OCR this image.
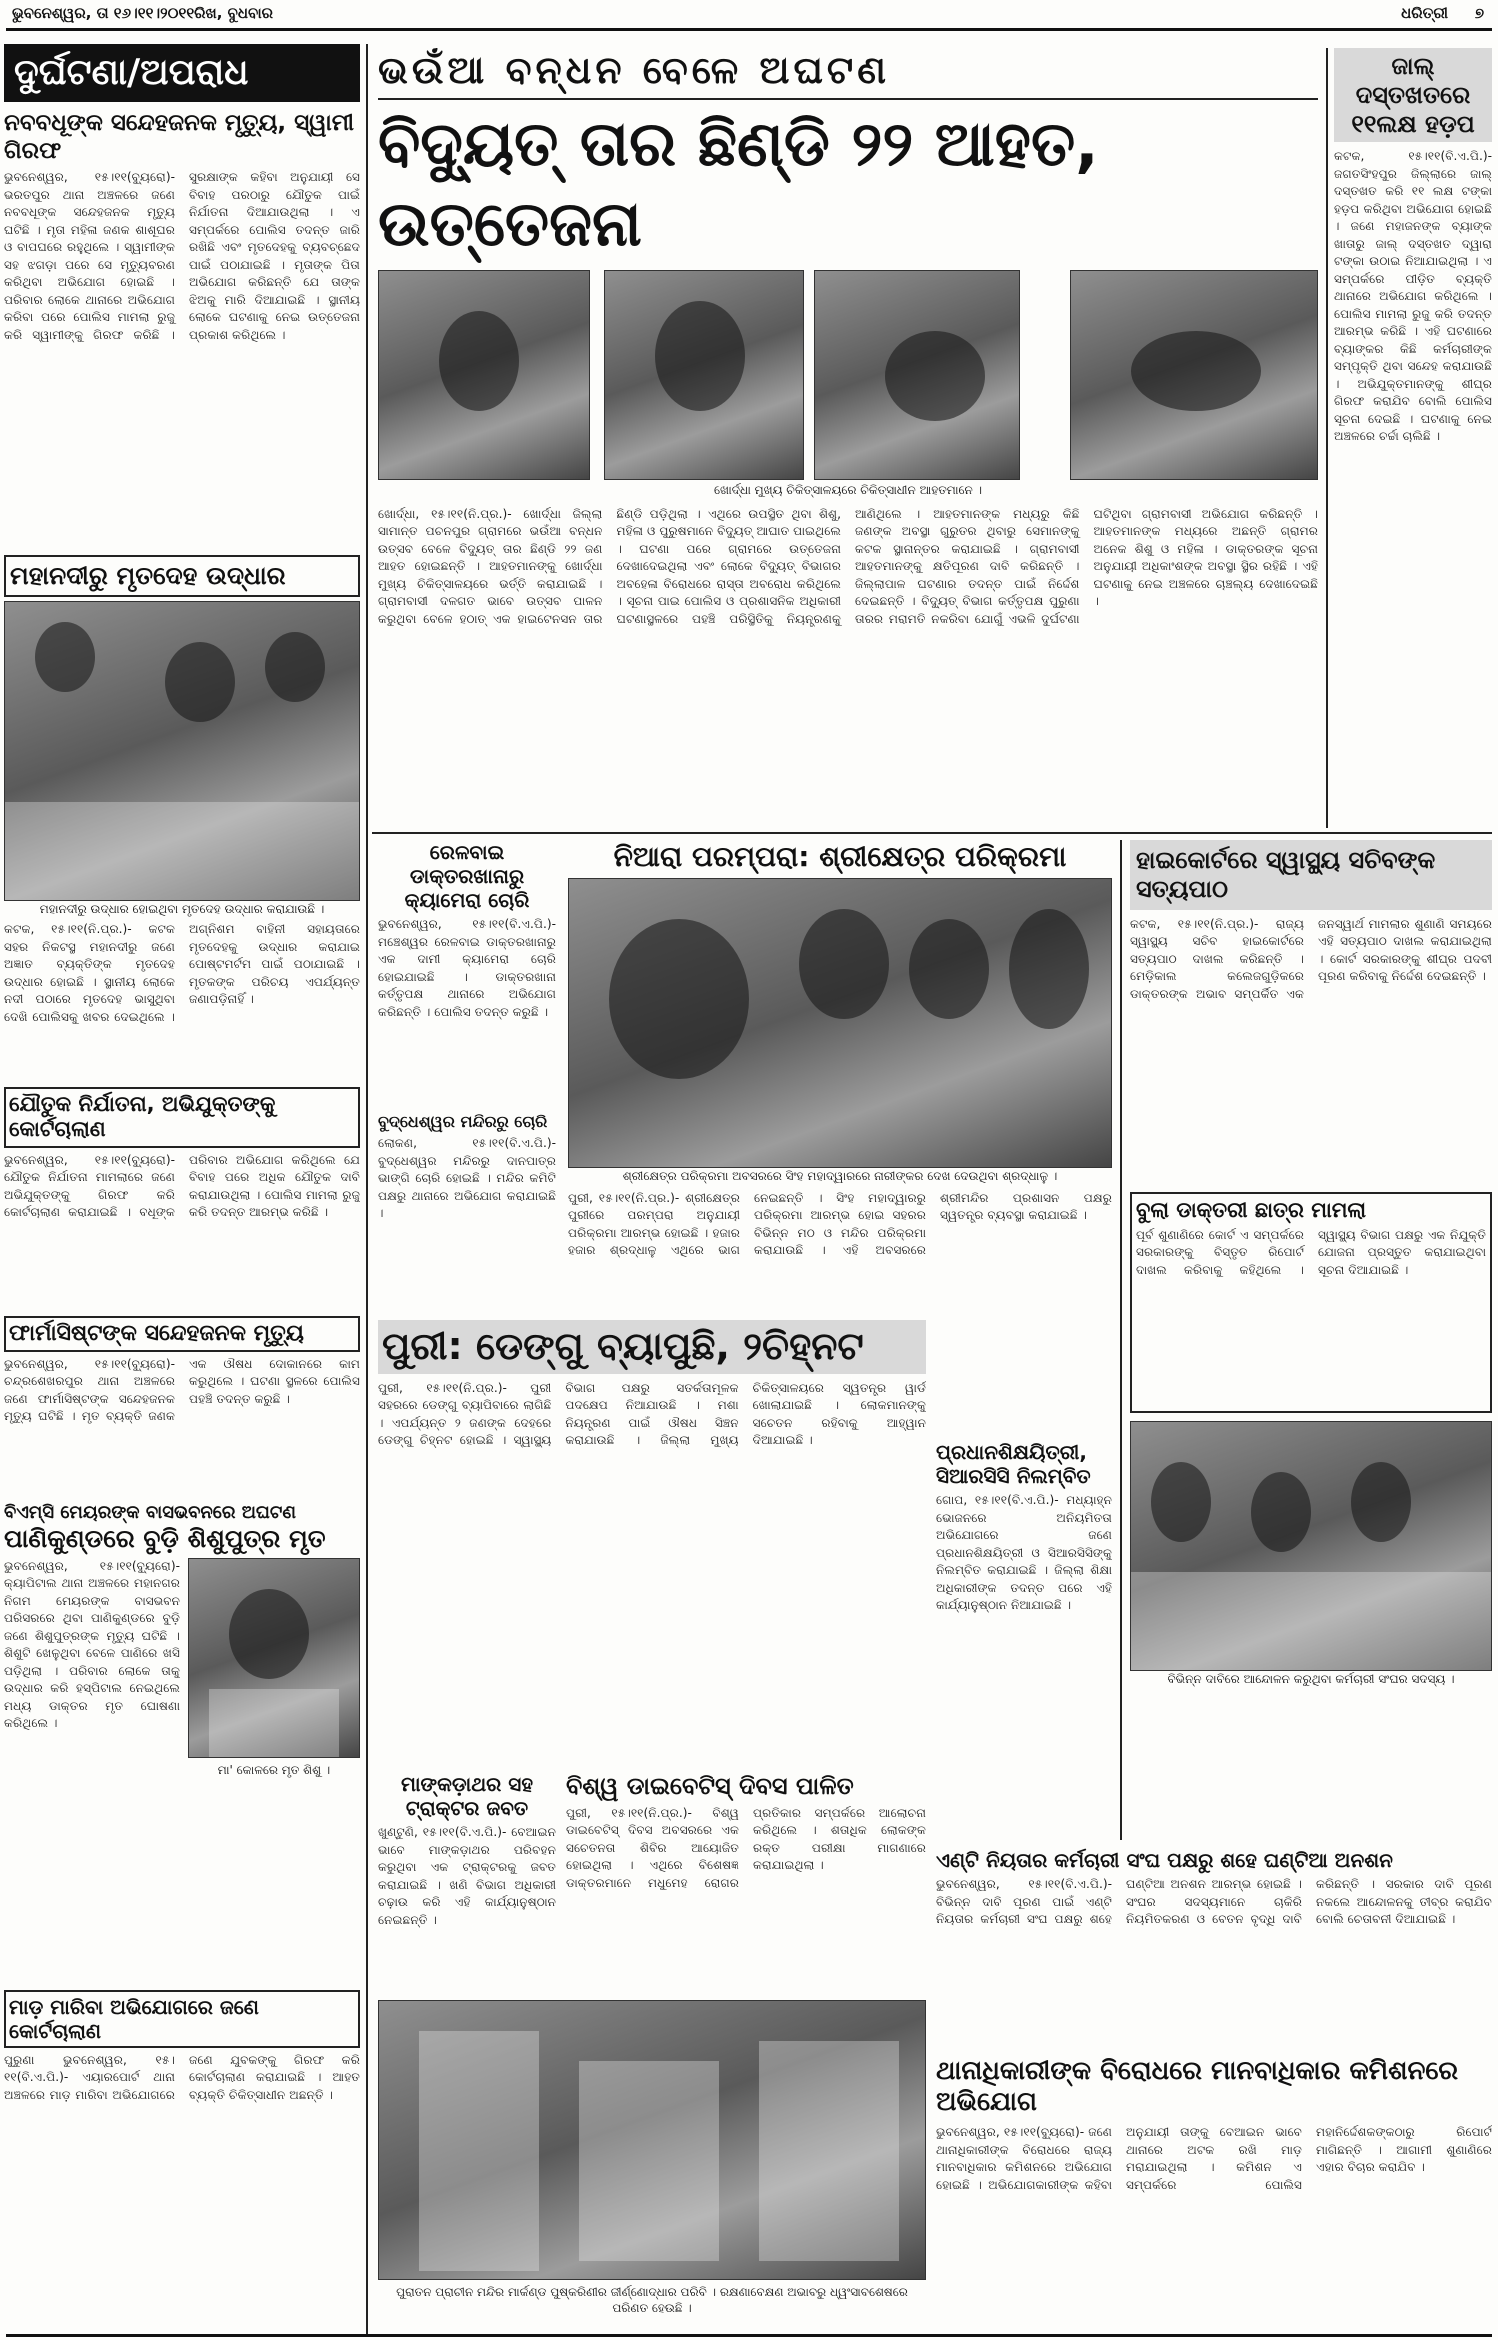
ଭୁବନେଶ୍ୱର, ତା ୧୬।୧୧।୨୦୧୧ରିଖ, ବୁଧବାର	ଧରିତ୍ରୀ ୭
ଦୁର୍ଘଟଣା/ଅପରାଧ
ନବବଧୂଙ୍କ ସନ୍ଦେହଜନକ ମୃତ୍ୟୁ, ସ୍ୱାମୀ ଗିରଫ
ଭୁବନେଶ୍ୱର, ୧୫।୧୧(ବ୍ୟୁରୋ)- ଭରତପୁର ଥାନା ଅଞ୍ଚଳରେ ଜଣେ ନବବଧୂଙ୍କ ସନ୍ଦେହଜନକ ମୃତ୍ୟୁ ଘଟିଛି । ମୃତା ମହିଳା ଜଣକ ଶାଶୂଘର ଓ ବାପଘରେ ରହୁଥିଲେ । ସ୍ୱାମୀଙ୍କ ସହ ଝଗଡ଼ା ପରେ ସେ ମୃତ୍ୟୁବରଣ କରିଥିବା ଅଭିଯୋଗ ହୋଇଛି । ପରିବାର ଲୋକେ ଥାନାରେ ଅଭିଯୋଗ କରିବା ପରେ ପୋଲିସ ମାମଲା ରୁଜୁ କରି ସ୍ୱାମୀଙ୍କୁ ଗିରଫ କରିଛି । ସୁରକ୍ଷାଙ୍କ କହିବା ଅନୁଯାୟୀ ସେ ବିବାହ ପରଠାରୁ ଯୌତୁକ ପାଇଁ ନିର୍ଯାତନା ଦିଆଯାଉଥିଲା । ଏ ସମ୍ପର୍କରେ ପୋଲିସ ତଦନ୍ତ ଜାରି ରଖିଛି ଏବଂ ମୃତଦେହକୁ ବ୍ୟବଚ୍ଛେଦ ପାଇଁ ପଠାଯାଇଛି । ମୃତାଙ୍କ ପିତା ଅଭିଯୋଗ କରିଛନ୍ତି ଯେ ତାଙ୍କ ଝିଅକୁ ମାରି ଦିଆଯାଇଛି । ସ୍ଥାନୀୟ ଲୋକେ ଘଟଣାକୁ ନେଇ ଉତ୍ତେଜନା ପ୍ରକାଶ କରିଥିଲେ ।
ମହାନଦୀରୁ ମୃତଦେହ ଉଦ୍ଧାର
ମହାନଦୀରୁ ଉଦ୍ଧାର ହୋଇଥିବା ମୃତଦେହ ଉଦ୍ଧାର କରାଯାଉଛି ।
କଟକ, ୧୫।୧୧(ନି.ପ୍ର.)- କଟକ ସହର ନିକଟସ୍ଥ ମହାନଦୀରୁ ଜଣେ ଅଜ୍ଞାତ ବ୍ୟକ୍ତିଙ୍କ ମୃତଦେହ ଉଦ୍ଧାର ହୋଇଛି । ସ୍ଥାନୀୟ ଲୋକେ ନଦୀ ପଠାରେ ମୃତଦେହ ଭାସୁଥିବା ଦେଖି ପୋଲିସକୁ ଖବର ଦେଇଥିଲେ । ଅଗ୍ନିଶମ ବାହିନୀ ସହାୟତାରେ ମୃତଦେହକୁ ଉଦ୍ଧାର କରାଯାଇ ପୋଷ୍ଟମର୍ଟମ ପାଇଁ ପଠାଯାଇଛି । ମୃତକଙ୍କ ପରିଚୟ ଏପର୍ଯ୍ୟନ୍ତ ଜଣାପଡ଼ିନାହିଁ ।
ଯୌତୁକ ନିର୍ଯାତନା, ଅଭିଯୁକ୍ତଙ୍କୁ କୋର୍ଟଚାଲାଣ
ଭୁବନେଶ୍ୱର, ୧୫।୧୧(ବ୍ୟୁରୋ)- ଯୌତୁକ ନିର୍ଯାତନା ମାମଲାରେ ଜଣେ ଅଭିଯୁକ୍ତଙ୍କୁ ଗିରଫ କରି କୋର୍ଟଚାଲାଣ କରାଯାଇଛି । ବଧୂଙ୍କ ପରିବାର ଅଭିଯୋଗ କରିଥିଲେ ଯେ ବିବାହ ପରେ ଅଧିକ ଯୌତୁକ ଦାବି କରାଯାଉଥିଲା । ପୋଲିସ ମାମଲା ରୁଜୁ କରି ତଦନ୍ତ ଆରମ୍ଭ କରିଛି ।
ଫାର୍ମାସିଷ୍ଟଙ୍କ ସନ୍ଦେହଜନକ ମୃତ୍ୟୁ
ଭୁବନେଶ୍ୱର, ୧୫।୧୧(ବ୍ୟୁରୋ)- ଚନ୍ଦ୍ରଶେଖରପୁର ଥାନା ଅଞ୍ଚଳରେ ଜଣେ ଫାର୍ମାସିଷ୍ଟଙ୍କ ସନ୍ଦେହଜନକ ମୃତ୍ୟୁ ଘଟିଛି । ମୃତ ବ୍ୟକ୍ତି ଜଣକ ଏକ ଔଷଧ ଦୋକାନରେ କାମ କରୁଥିଲେ । ଘଟଣା ସ୍ଥଳରେ ପୋଲିସ ପହଞ୍ଚି ତଦନ୍ତ କରୁଛି ।
ବିଏମ୍‌ସି ମେୟରଙ୍କ ବାସଭବନରେ ଅଘଟଣ
ପାଣିକୁଣ୍ଡରେ ବୁଡ଼ି ଶିଶୁପୁତ୍ର ମୃତ
ଭୁବନେଶ୍ୱର, ୧୫।୧୧(ବ୍ୟୁରୋ)- କ୍ୟାପିଟାଲ ଥାନା ଅଞ୍ଚଳରେ ମହାନଗର ନିଗମ ମେୟରଙ୍କ ବାସଭବନ ପରିସରରେ ଥିବା ପାଣିକୁଣ୍ଡରେ ବୁଡ଼ି ଜଣେ ଶିଶୁପୁତ୍ରଙ୍କ ମୃତ୍ୟୁ ଘଟିଛି । ଶିଶୁଟି ଖେଳୁଥିବା ବେଳେ ପାଣିରେ ଖସି ପଡ଼ିଥିଲା । ପରିବାର ଲୋକେ ତାକୁ ଉଦ୍ଧାର କରି ହସ୍ପିଟାଲ ନେଇଥିଲେ ମଧ୍ୟ ଡାକ୍ତର ମୃତ ଘୋଷଣା କରିଥିଲେ ।
ମା' କୋଳରେ ମୃତ ଶିଶୁ ।
ମାଡ଼ ମାରିବା ଅଭିଯୋଗରେ ଜଣେ କୋର୍ଟଚାଲାଣ
ପୁରୁଣା ଭୁବନେଶ୍ୱର, ୧୫।୧୧(ବି.ଏ.ପି.)- ଏୟାରପୋର୍ଟ ଥାନା ଅଞ୍ଚଳରେ ମାଡ଼ ମାରିବା ଅଭିଯୋଗରେ ଜଣେ ଯୁବକଙ୍କୁ ଗିରଫ କରି କୋର୍ଟଚାଲାଣ କରାଯାଇଛି । ଆହତ ବ୍ୟକ୍ତି ଚିକିତ୍ସାଧୀନ ଅଛନ୍ତି ।
ଭଉଁଆ ବନ୍ଧନ ବେଳେ ଅଘଟଣ
ବିଦ୍ୟୁତ୍ ତାର ଛିଣ୍ଡି ୨୨ ଆହତ, ଉତ୍ତେଜନା
ଖୋର୍ଦ୍ଧା ମୁଖ୍ୟ ଚିକିତ୍ସାଳୟରେ ଚିକିତ୍ସାଧୀନ ଆହତମାନେ ।
ଖୋର୍ଦ୍ଧା, ୧୫।୧୧(ନି.ପ୍ର.)- ଖୋର୍ଦ୍ଧା ଜିଲ୍ଲା ସାମାନ୍ତ ପଚନପୁର ଗ୍ରାମରେ ଭଉଁଆ ବନ୍ଧନ ଉତ୍ସବ ବେଳେ ବିଦ୍ୟୁତ୍ ତାର ଛିଣ୍ଡି ୨୨ ଜଣ ଆହତ ହୋଇଛନ୍ତି । ଆହତମାନଙ୍କୁ ଖୋର୍ଦ୍ଧା ମୁଖ୍ୟ ଚିକିତ୍ସାଳୟରେ ଭର୍ତ୍ତି କରାଯାଇଛି । ଗ୍ରାମବାସୀ ଦଳଗତ ଭାବେ ଉତ୍ସବ ପାଳନ କରୁଥିବା ବେଳେ ହଠାତ୍ ଏକ ହାଇଟେନସନ ତାର ଛିଣ୍ଡି ପଡ଼ିଥିଲା । ଏଥିରେ ଉପସ୍ଥିତ ଥିବା ଶିଶୁ, ମହିଳା ଓ ପୁରୁଷମାନେ ବିଦ୍ୟୁତ୍ ଆଘାତ ପାଇଥିଲେ । ଘଟଣା ପରେ ଗ୍ରାମରେ ଉତ୍ତେଜନା ଦେଖାଦେଇଥିଲା ଏବଂ ଲୋକେ ବିଦ୍ୟୁତ୍ ବିଭାଗର ଅବହେଳା ବିରୋଧରେ ରାସ୍ତା ଅବରୋଧ କରିଥିଲେ । ସୂଚନା ପାଇ ପୋଲିସ ଓ ପ୍ରଶାସନିକ ଅଧିକାରୀ ଘଟଣାସ୍ଥଳରେ ପହଞ୍ଚି ପରିସ୍ଥିତିକୁ ନିୟନ୍ତ୍ରଣକୁ ଆଣିଥିଲେ । ଆହତମାନଙ୍କ ମଧ୍ୟରୁ କିଛି ଜଣଙ୍କ ଅବସ୍ଥା ଗୁରୁତର ଥିବାରୁ ସେମାନଙ୍କୁ କଟକ ସ୍ଥାନାନ୍ତର କରାଯାଇଛି । ଗ୍ରାମବାସୀ ଆହତମାନଙ୍କୁ କ୍ଷତିପୂରଣ ଦାବି କରିଛନ୍ତି । ଜିଲ୍ଲାପାଳ ଘଟଣାର ତଦନ୍ତ ପାଇଁ ନିର୍ଦ୍ଦେଶ ଦେଇଛନ୍ତି । ବିଦ୍ୟୁତ୍ ବିଭାଗ କର୍ତ୍ତୃପକ୍ଷ ପୁରୁଣା ତାରର ମରାମତି ନକରିବା ଯୋଗୁଁ ଏଭଳି ଦୁର୍ଘଟଣା ଘଟିଥିବା ଗ୍ରାମବାସୀ ଅଭିଯୋଗ କରିଛନ୍ତି । ଆହତମାନଙ୍କ ମଧ୍ୟରେ ଅଛନ୍ତି ଗ୍ରାମର ଅନେକ ଶିଶୁ ଓ ମହିଳା । ଡାକ୍ତରଙ୍କ ସୂଚନା ଅନୁଯାୟୀ ଅଧିକାଂଶଙ୍କ ଅବସ୍ଥା ସ୍ଥିର ରହିଛି । ଏହି ଘଟଣାକୁ ନେଇ ଅଞ୍ଚଳରେ ଚାଞ୍ଚଲ୍ୟ ଦେଖାଦେଇଛି ।
ଜାଲ୍ ଦସ୍ତଖତରେ ୧୧ଲକ୍ଷ ହଡ଼ପ
କଟକ, ୧୫।୧୧(ବି.ଏ.ପି.)- ଜଗତସିଂହପୁର ଜିଲ୍ଲାରେ ଜାଲ୍ ଦସ୍ତଖତ କରି ୧୧ ଲକ୍ଷ ଟଙ୍କା ହଡ଼ପ କରିଥିବା ଅଭିଯୋଗ ହୋଇଛି । ଜଣେ ମହାଜନଙ୍କ ବ୍ୟାଙ୍କ ଖାତାରୁ ଜାଲ୍ ଦସ୍ତଖତ ଦ୍ୱାରା ଟଙ୍କା ଉଠାଇ ନିଆଯାଇଥିଲା । ଏ ସମ୍ପର୍କରେ ପୀଡ଼ିତ ବ୍ୟକ୍ତି ଥାନାରେ ଅଭିଯୋଗ କରିଥିଲେ । ପୋଲିସ ମାମଲା ରୁଜୁ କରି ତଦନ୍ତ ଆରମ୍ଭ କରିଛି । ଏହି ଘଟଣାରେ ବ୍ୟାଙ୍କର କିଛି କର୍ମଚାରୀଙ୍କ ସମ୍ପୃକ୍ତି ଥିବା ସନ୍ଦେହ କରାଯାଉଛି । ଅଭିଯୁକ୍ତମାନଙ୍କୁ ଶୀଘ୍ର ଗିରଫ କରାଯିବ ବୋଲି ପୋଲିସ ସୂଚନା ଦେଇଛି । ଘଟଣାକୁ ନେଇ ଅଞ୍ଚଳରେ ଚର୍ଚ୍ଚା ଚାଲିଛି ।
ରେଳବାଇ ଡାକ୍ତରଖାନାରୁ କ୍ୟାମେରା ଚୋରି
ଭୁବନେଶ୍ୱର, ୧୫।୧୧(ବି.ଏ.ପି.)- ମଞ୍ଚେଶ୍ୱର ରେଳବାଇ ଡାକ୍ତରଖାନାରୁ ଏକ ଦାମୀ କ୍ୟାମେରା ଚୋରି ହୋଇଯାଇଛି । ଡାକ୍ତରଖାନା କର୍ତ୍ତୃପକ୍ଷ ଥାନାରେ ଅଭିଯୋଗ କରିଛନ୍ତି । ପୋଲିସ ତଦନ୍ତ କରୁଛି ।
ବୁଦ୍ଧେଶ୍ୱର ମନ୍ଦିରରୁ ଚୋରି
ଲୋକଣ, ୧୫।୧୧(ବି.ଏ.ପି.)- ବୁଦ୍ଧେଶ୍ୱର ମନ୍ଦିରରୁ ଦାନପାତ୍ର ଭାଙ୍ଗି ଚୋରି ହୋଇଛି । ମନ୍ଦିର କମିଟି ପକ୍ଷରୁ ଥାନାରେ ଅଭିଯୋଗ କରାଯାଇଛି ।
ନିଆରା ପରମ୍ପରା: ଶ୍ରୀକ୍ଷେତ୍ର ପରିକ୍ରମା
ଶ୍ରୀକ୍ଷେତ୍ର ପରିକ୍ରମା ଅବସରରେ ସିଂହ ମହାଦ୍ୱାରରେ ନାରୀଙ୍କର ଦେଖ ଦେଉଥିବା ଶ୍ରଦ୍ଧାଳୁ ।
ପୁରୀ, ୧୫।୧୧(ନି.ପ୍ର.)- ଶ୍ରୀକ୍ଷେତ୍ର ପୁରୀରେ ପରମ୍ପରା ଅନୁଯାୟୀ ପରିକ୍ରମା ଆରମ୍ଭ ହୋଇଛି । ହଜାର ହଜାର ଶ୍ରଦ୍ଧାଳୁ ଏଥିରେ ଭାଗ ନେଇଛନ୍ତି । ସିଂହ ମହାଦ୍ୱାରରୁ ପରିକ୍ରମା ଆରମ୍ଭ ହୋଇ ସହରର ବିଭିନ୍ନ ମଠ ଓ ମନ୍ଦିର ପରିକ୍ରମା କରାଯାଉଛି । ଏହି ଅବସରରେ ଶ୍ରୀମନ୍ଦିର ପ୍ରଶାସନ ପକ୍ଷରୁ ସ୍ୱତନ୍ତ୍ର ବ୍ୟବସ୍ଥା କରାଯାଇଛି ।
ହାଇକୋର୍ଟରେ ସ୍ୱାସ୍ଥ୍ୟ ସଚିବଙ୍କ ସତ୍ୟପାଠ
କଟକ, ୧୫।୧୧(ନି.ପ୍ର.)- ରାଜ୍ୟ ସ୍ୱାସ୍ଥ୍ୟ ସଚିବ ହାଇକୋର୍ଟରେ ସତ୍ୟପାଠ ଦାଖଲ କରିଛନ୍ତି । ମେଡ଼ିକାଲ କଲେଜଗୁଡ଼ିକରେ ଡାକ୍ତରଙ୍କ ଅଭାବ ସମ୍ପର୍କିତ ଏକ ଜନସ୍ୱାର୍ଥ ମାମଲାର ଶୁଣାଣି ସମୟରେ ଏହି ସତ୍ୟପାଠ ଦାଖଲ କରାଯାଇଥିଲା । କୋର୍ଟ ସରକାରଙ୍କୁ ଶୀଘ୍ର ପଦବୀ ପୂରଣ କରିବାକୁ ନିର୍ଦ୍ଦେଶ ଦେଇଛନ୍ତି ।
ବୁଲା ଡାକ୍ତରୀ ଛାତ୍ର ମାମଲା
ପୂର୍ବ ଶୁଣାଣିରେ କୋର୍ଟ ଏ ସମ୍ପର୍କରେ ସରକାରଙ୍କୁ ବିସ୍ତୃତ ରିପୋର୍ଟ ଦାଖଲ କରିବାକୁ କହିଥିଲେ । ସ୍ୱାସ୍ଥ୍ୟ ବିଭାଗ ପକ୍ଷରୁ ଏକ ନିଯୁକ୍ତି ଯୋଜନା ପ୍ରସ୍ତୁତ କରାଯାଇଥିବା ସୂଚନା ଦିଆଯାଇଛି ।
ବିଭିନ୍ନ ଦାବିରେ ଆନ୍ଦୋଳନ କରୁଥିବା କର୍ମଚାରୀ ସଂଘର ସଦସ୍ୟ ।
ପୁରୀ: ଡେଙ୍ଗୁ ବ୍ୟାପୁଛି, ୨ଚିହ୍ନଟ
ପୁରୀ, ୧୫।୧୧(ନି.ପ୍ର.)- ପୁରୀ ସହରରେ ଡେଙ୍ଗୁ ବ୍ୟାପିବାରେ ଲାଗିଛି । ଏପର୍ଯ୍ୟନ୍ତ ୨ ଜଣଙ୍କ ଦେହରେ ଡେଙ୍ଗୁ ଚିହ୍ନଟ ହୋଇଛି । ସ୍ୱାସ୍ଥ୍ୟ ବିଭାଗ ପକ୍ଷରୁ ସତର୍କତାମୂଳକ ପଦକ୍ଷେପ ନିଆଯାଉଛି । ମଶା ନିୟନ୍ତ୍ରଣ ପାଇଁ ଔଷଧ ସିଞ୍ଚନ କରାଯାଉଛି । ଜିଲ୍ଲା ମୁଖ୍ୟ ଚିକିତ୍ସାଳୟରେ ସ୍ୱତନ୍ତ୍ର ୱାର୍ଡ ଖୋଲାଯାଇଛି । ଲୋକମାନଙ୍କୁ ସଚେତନ ରହିବାକୁ ଆହ୍ୱାନ ଦିଆଯାଇଛି ।	ପ୍ରଧାନଶିକ୍ଷୟିତ୍ରୀ, ସିଆରସିସି ନିଲମ୍ବିତ
ଗୋପ, ୧୫।୧୧(ବି.ଏ.ପି.)- ମଧ୍ୟାହ୍ନ ଭୋଜନରେ ଅନିୟମିତତା ଅଭିଯୋଗରେ ଜଣେ ପ୍ରଧାନଶିକ୍ଷୟିତ୍ରୀ ଓ ସିଆରସିସିଙ୍କୁ ନିଲମ୍ବିତ କରାଯାଇଛି । ଜିଲ୍ଲା ଶିକ୍ଷା ଅଧିକାରୀଙ୍କ ତଦନ୍ତ ପରେ ଏହି କାର୍ଯ୍ୟାନୁଷ୍ଠାନ ନିଆଯାଇଛି ।
ମାଙ୍କଡ଼ାଥର ସହ ଟ୍ରାକ୍ଟର ଜବତ
ଖୁଣ୍ଟୁଣି, ୧୫।୧୧(ବି.ଏ.ପି.)- ବେଆଇନ ଭାବେ ମାଙ୍କଡ଼ାଥର ପରିବହନ କରୁଥିବା ଏକ ଟ୍ରାକ୍ଟରକୁ ଜବତ କରାଯାଇଛି । ଖଣି ବିଭାଗ ଅଧିକାରୀ ଚଢ଼ାଉ କରି ଏହି କାର୍ଯ୍ୟାନୁଷ୍ଠାନ ନେଇଛନ୍ତି ।
ବିଶ୍ୱ ଡାଇବେଟିସ୍ ଦିବସ ପାଳିତ
ପୁରୀ, ୧୫।୧୧(ନି.ପ୍ର.)- ବିଶ୍ୱ ଡାଇବେଟିସ୍ ଦିବସ ଅବସରରେ ଏକ ସଚେତନତା ଶିବିର ଆୟୋଜିତ ହୋଇଥିଲା । ଏଥିରେ ବିଶେଷଜ୍ଞ ଡାକ୍ତରମାନେ ମଧୁମେହ ରୋଗର ପ୍ରତିକାର ସମ୍ପର୍କରେ ଆଲୋଚନା କରିଥିଲେ । ଶତାଧିକ ଲୋକଙ୍କ ରକ୍ତ ପରୀକ୍ଷା ମାଗଣାରେ କରାଯାଇଥିଲା ।
ପୁରାତନ ପ୍ରାଚୀନ ମନ୍ଦିର ମାର୍କଣ୍ଡ ପୁଷ୍କରିଣୀର ଜୀର୍ଣ୍ଣୋଦ୍ଧାର ପରିବି । ରକ୍ଷଣାବେକ୍ଷଣ ଅଭାବରୁ ଧ୍ୱଂସାବଶେଷରେ ପରିଣତ ହେଉଛି ।
ଏଣ୍ଟି ନିୟତାର କର୍ମଚାରୀ ସଂଘ ପକ୍ଷରୁ ଶହେ ଘଣ୍ଟିଆ ଅନଶନ
ଭୁବନେଶ୍ୱର, ୧୫।୧୧(ବି.ଏ.ପି.)- ବିଭିନ୍ନ ଦାବି ପୂରଣ ପାଇଁ ଏଣ୍ଟି ନିୟତାର କର୍ମଚାରୀ ସଂଘ ପକ୍ଷରୁ ଶହେ ଘଣ୍ଟିଆ ଅନଶନ ଆରମ୍ଭ ହୋଇଛି । ସଂଘର ସଦସ୍ୟମାନେ ଚାକିରି ନିୟମିତକରଣ ଓ ବେତନ ବୃଦ୍ଧି ଦାବି କରିଛନ୍ତି । ସରକାର ଦାବି ପୂରଣ ନକଲେ ଆନ୍ଦୋଳନକୁ ତୀବ୍ର କରାଯିବ ବୋଲି ଚେତାବନୀ ଦିଆଯାଇଛି ।
ଥାନାଧିକାରୀଙ୍କ ବିରୋଧରେ ମାନବାଧିକାର କମିଶନରେ ଅଭିଯୋଗ
ଭୁବନେଶ୍ୱର, ୧୫।୧୧(ବ୍ୟୁରୋ)- ଜଣେ ଥାନାଧିକାରୀଙ୍କ ବିରୋଧରେ ରାଜ୍ୟ ମାନବାଧିକାର କମିଶନରେ ଅଭିଯୋଗ ହୋଇଛି । ଅଭିଯୋଗକାରୀଙ୍କ କହିବା ଅନୁଯାୟୀ ତାଙ୍କୁ ବେଆଇନ ଭାବେ ଥାନାରେ ଅଟକ ରଖି ମାଡ଼ ମରାଯାଇଥିଲା । କମିଶନ ଏ ସମ୍ପର୍କରେ ପୋଲିସ ମହାନିର୍ଦ୍ଦେଶକଙ୍କଠାରୁ ରିପୋର୍ଟ ମାଗିଛନ୍ତି । ଆଗାମୀ ଶୁଣାଣିରେ ଏହାର ବିଚାର କରାଯିବ ।
